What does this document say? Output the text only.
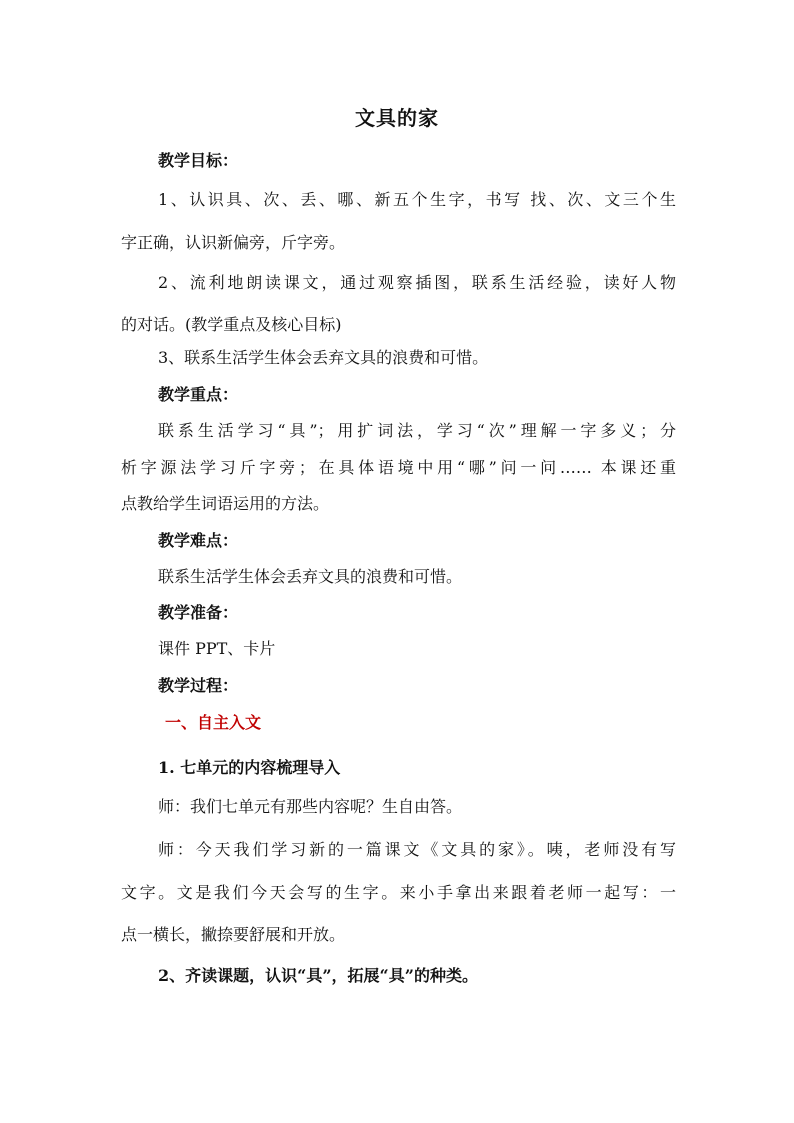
文具的家
教学目标：
1、认识具、次、丢、哪、新五个生字，书写 找、次、文三个生
字正确，认识新偏旁，斤字旁。
2、流利地朗读课文，通过观察插图，联系生活经验，读好人物
的对话。(教学重点及核心目标)
3、联系生活学生体会丢弃文具的浪费和可惜。
教学重点：
联系生活学习“具”；用扩词法，学习“次”理解一字多义；分
析字源法学习斤字旁；在具体语境中用“哪”问一问…… 本课还重
点教给学生词语运用的方法。
教学难点：
联系生活学生体会丢弃文具的浪费和可惜。
教学准备：
课件 PPT、卡片
教学过程：
一、自主入文
1. 七单元的内容梳理导入
师：我们七单元有那些内容呢？生自由答。
师：今天我们学习新的一篇课文《文具的家》。咦，老师没有写
文字。文是我们今天会写的生字。来小手拿出来跟着老师一起写：一
点一横长，撇捺要舒展和开放。
2、齐读课题，认识“具”，拓展“具”的种类。
